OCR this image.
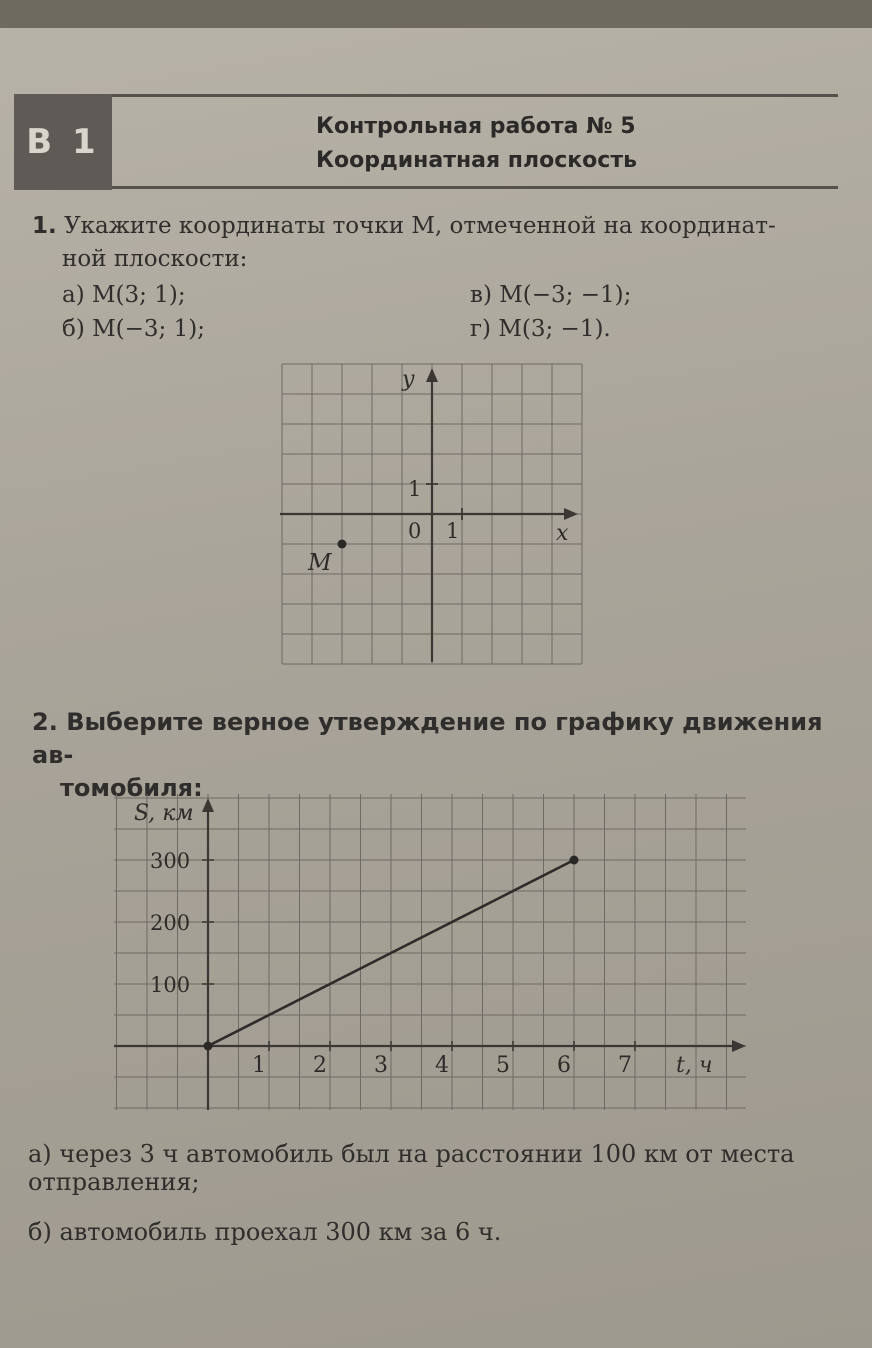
В 1	Контрольная работа № 5
Координатная плоскость
1. Укажите координаты точки M, отмеченной на координат-
ной плоскости:
а) M(3; 1);
б) M(−3; 1);
в) M(−3; −1);
г) M(3; −1).
y
x
0 1
1
M
2. Выберите верное утверждение по графику движения ав-
томобиля:
1 2 3 4 5 6 7
100
200
300
S, км
t, ч
а) через 3 ч автомобиль был на расстоянии 100 км от места
отправления;
б) автомобиль проехал 300 км за 6 ч.
